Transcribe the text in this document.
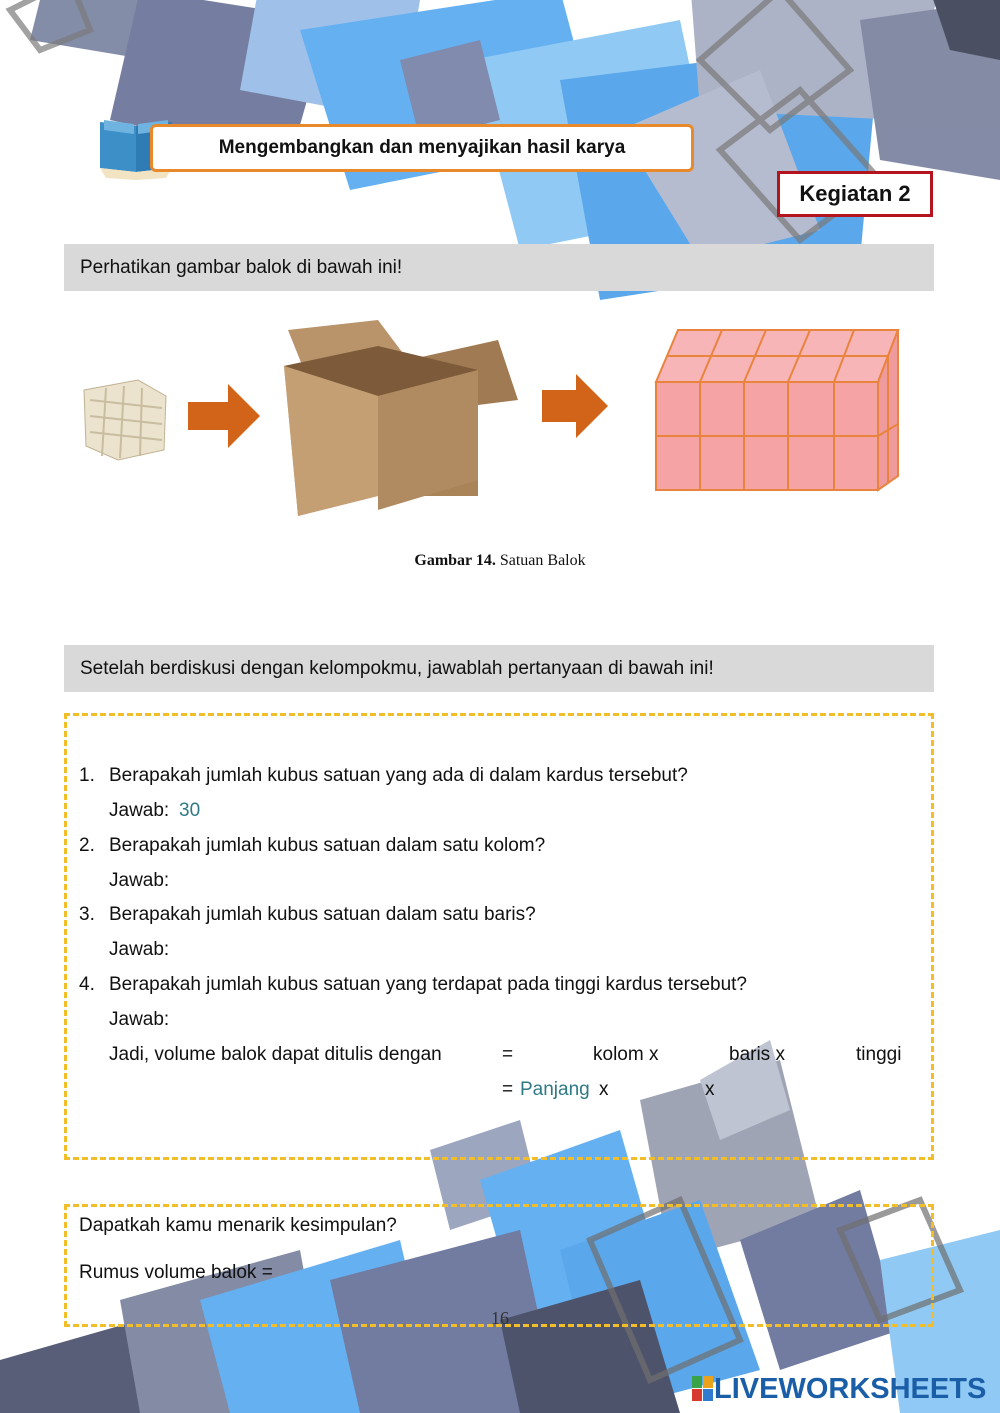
Mengembangkan dan menyajikan hasil karya
Kegiatan 2
Perhatikan gambar balok di bawah ini!
Gambar 14. Satuan Balok
Setelah berdiskusi dengan kelompokmu, jawablah pertanyaan di bawah ini!
1. Berapakah jumlah kubus satuan yang ada di dalam kardus tersebut?
Jawab: 30
2. Berapakah jumlah kubus satuan dalam satu kolom?
Jawab:
3. Berapakah jumlah kubus satuan dalam satu baris?
Jawab:
4. Berapakah jumlah kubus satuan yang terdapat pada tinggi kardus tersebut?
Jawab:
Jadi, volume balok dapat ditulis dengan	=	kolom x	baris x	tinggi
= Panjang x	x
Dapatkah kamu menarik kesimpulan?
Rumus volume balok =
16
LIVEWORKSHEETS
